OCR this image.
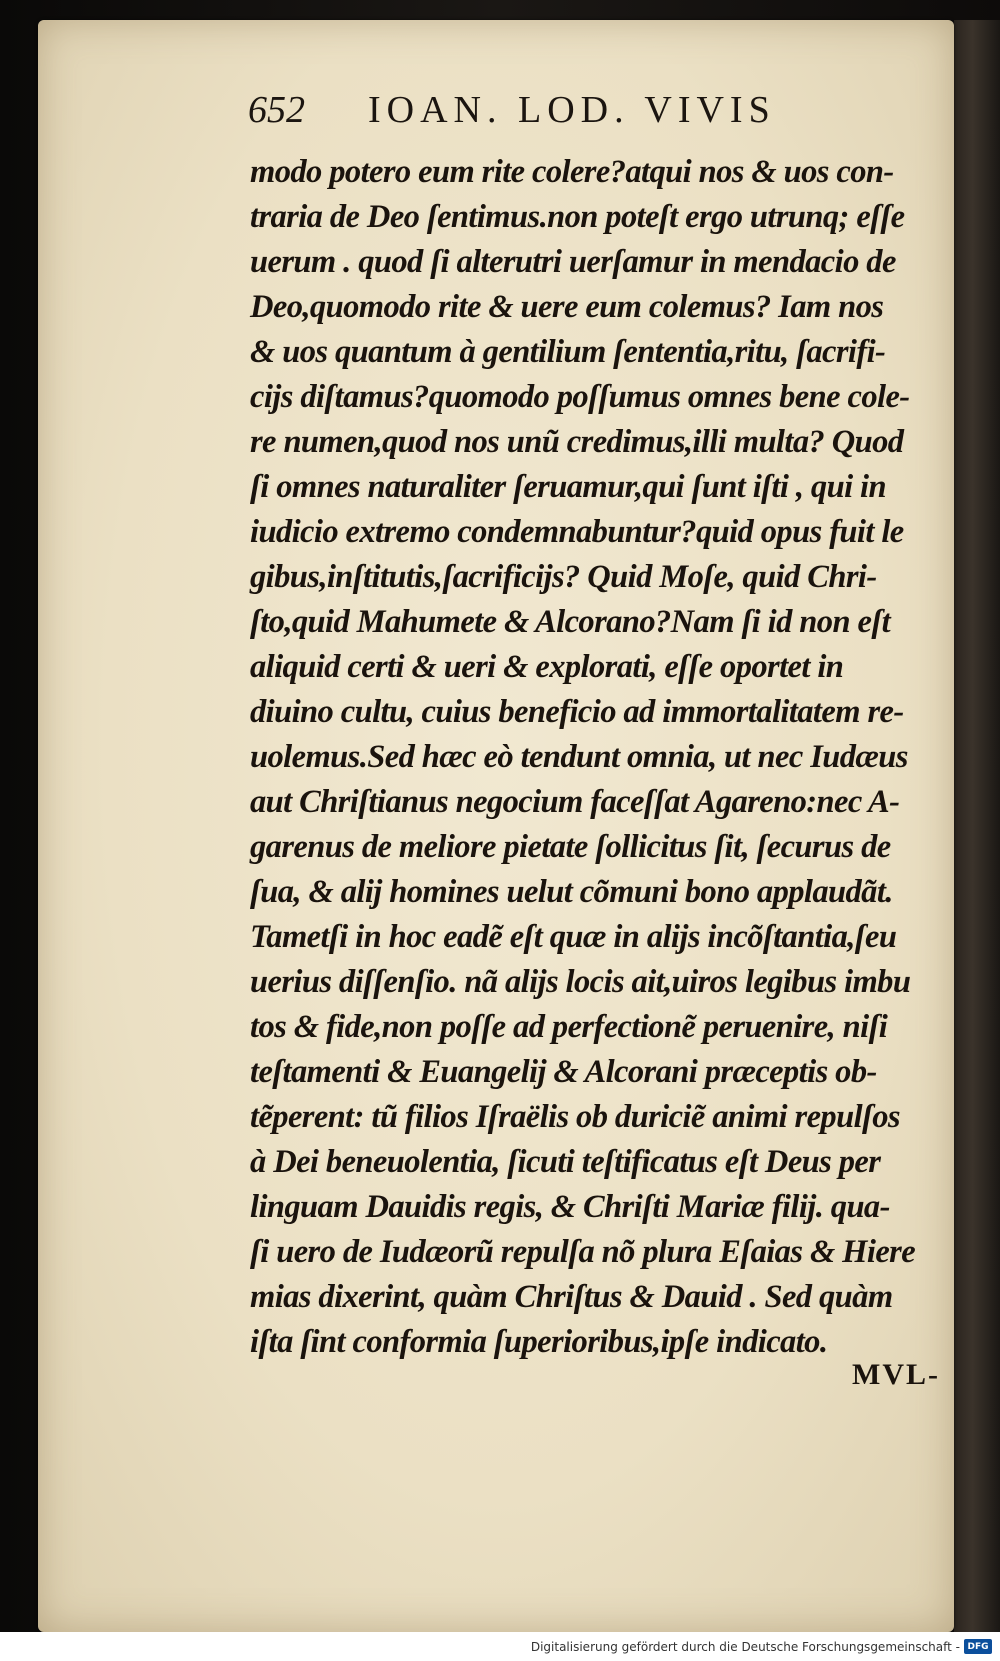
652	IOAN. LOD. VIVIS
modo potero eum rite colere?atqui nos & uos con-
traria de Deo ſentimus.non poteſt ergo utrunq; eſſe
uerum . quod ſi alterutri uerſamur in mendacio de
Deo,quomodo rite & uere eum colemus? Iam nos
& uos quantum à gentilium ſententia,ritu, ſacrifi-
cijs diſtamus?quomodo poſſumus omnes bene cole-
re numen,quod nos unũ credimus,illi multa? Quod
ſi omnes naturaliter ſeruamur,qui ſunt iſti , qui in
iudicio extremo condemnabuntur?quid opus fuit le
gibus,inſtitutis,ſacrificijs? Quid Moſe, quid Chri-
ſto,quid Mahumete & Alcorano?Nam ſi id non eſt
aliquid certi & ueri & explorati, eſſe oportet in
diuino cultu, cuius beneficio ad immortalitatem re-
uolemus.Sed hæc eò tendunt omnia, ut nec Iudæus
aut Chriſtianus negocium faceſſat Agareno:nec A-
garenus de meliore pietate ſollicitus ſit, ſecurus de
ſua, & alij homines uelut cõmuni bono applaudãt.
Tametſi in hoc eadẽ eſt quæ in alijs incõſtantia,ſeu
uerius diſſenſio. nã alijs locis ait,uiros legibus imbu
tos & fide,non poſſe ad perfectionẽ peruenire, niſi
teſtamenti & Euangelij & Alcorani præceptis ob-
tẽperent: tũ filios Iſraëlis ob duriciẽ animi repulſos
à Dei beneuolentia, ſicuti teſtificatus eſt Deus per
linguam Dauidis regis, & Chriſti Mariæ filij. qua-
ſi uero de Iudæorũ repulſa nõ plura Eſaias & Hiere
mias dixerint, quàm Chriſtus & Dauid . Sed quàm
iſta ſint conformia ſuperioribus,ipſe indicato.
MVL-
Digitalisierung gefördert durch die Deutsche Forschungsgemeinschaft - DFG
